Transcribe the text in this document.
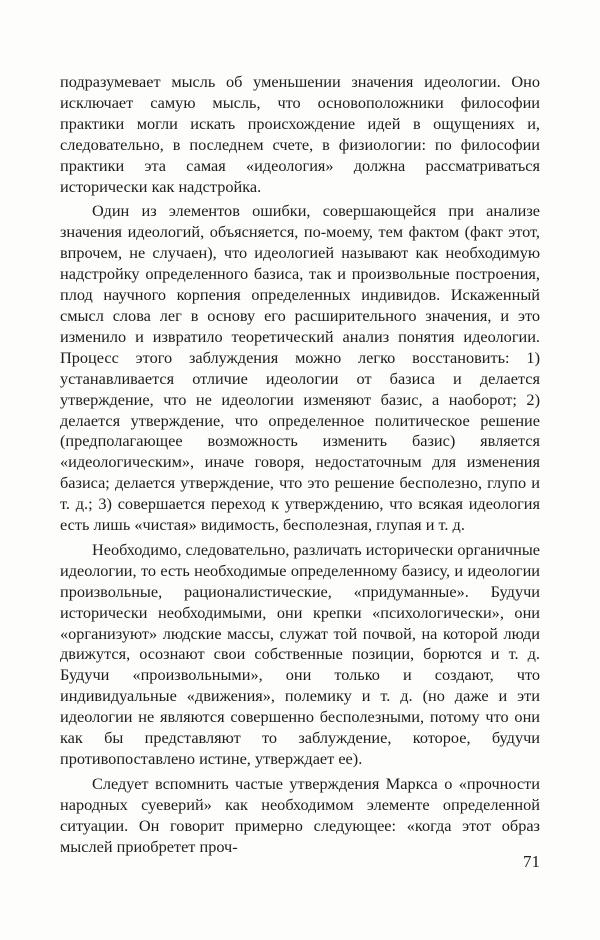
подразумевает мысль об уменьшении значения идеологии. Оно исключает самую мысль, что основоположники философии практики могли искать происхождение идей в ощущениях и, следовательно, в последнем счете, в физиологии: по философии практики эта самая «идеология» должна рассматриваться исторически как надстройка.

Один из элементов ошибки, совершающейся при анализе значения идеологий, объясняется, по-моему, тем фактом (факт этот, впрочем, не случаен), что идеологией называют как необходимую надстройку определенного базиса, так и произвольные построения, плод научного корпения определенных индивидов. Искаженный смысл слова лег в основу его расширительного значения, и это изменило и извратило теоретический анализ понятия идеологии. Процесс этого заблуждения можно легко восстановить: 1) устанавливается отличие идеологии от базиса и делается утверждение, что не идеологии изменяют базис, а наоборот; 2) делается утверждение, что определенное политическое решение (предполагающее возможность изменить базис) является «идеологическим», иначе говоря, недостаточным для изменения базиса; делается утверждение, что это решение бесполезно, глупо и т. д.; 3) совершается переход к утверждению, что всякая идеология есть лишь «чистая» видимость, бесполезная, глупая и т. д.

Необходимо, следовательно, различать исторически органичные идеологии, то есть необходимые определенному базису, и идеологии произвольные, рационалистические, «придуманные». Будучи исторически необходимыми, они крепки «психологически», они «организуют» людские массы, служат той почвой, на которой люди движутся, осознают свои собственные позиции, борются и т. д. Будучи «произвольными», они только и создают, что индивидуальные «движения», полемику и т. д. (но даже и эти идеологии не являются совершенно бесполезными, потому что они как бы представляют то заблуждение, которое, будучи противопоставлено истине, утверждает ее).

Следует вспомнить частые утверждения Маркса о «прочности народных суеверий» как необходимом элементе определенной ситуации. Он говорит примерно следующее: «когда этот образ мыслей приобретет проч-

71
